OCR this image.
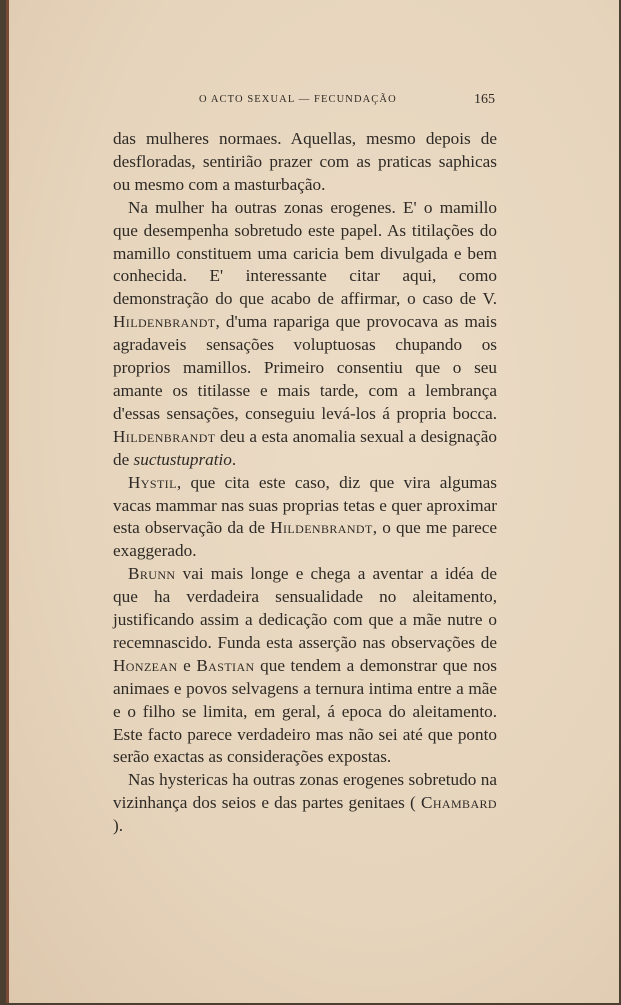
O ACTO SEXUAL — FECUNDAÇÃO	165

das mulheres normaes. Aquellas, mesmo depois de desfloradas, sentirião prazer com as praticas saphicas ou mesmo com a masturbação.

Na mulher ha outras zonas erogenes. E' o mamillo que desempenha sobretudo este papel. As titilações do mamillo constituem uma caricia bem divulgada e bem conhecida. E' interessante citar aqui, como demonstração do que acabo de affirmar, o caso de V. Hildenbrandt, d'uma rapariga que provocava as mais agradaveis sensações voluptuosas chupando os proprios mamillos. Primeiro consentiu que o seu amante os titilasse e mais tarde, com a lembrança d'essas sensações, conseguiu levá-los á propria bocca. Hildenbrandt deu a esta anomalia sexual a designação de suctustupratio.

Hystil, que cita este caso, diz que vira algumas vacas mammar nas suas proprias tetas e quer aproximar esta observação da de Hildenbrandt, o que me parece exaggerado.

Brunn vai mais longe e chega a aventar a idéa de que ha verdadeira sensualidade no aleitamento, justificando assim a dedicação com que a mãe nutre o recemnascido. Funda esta asserção nas observações de Honzean e Bastian que tendem a demonstrar que nos animaes e povos selvagens a ternura intima entre a mãe e o filho se limita, em geral, á epoca do aleitamento. Este facto parece verdadeiro mas não sei até que ponto serão exactas as considerações expostas.

Nas hystericas ha outras zonas erogenes sobretudo na vizinhança dos seios e das partes genitaes ( Chambard ).
